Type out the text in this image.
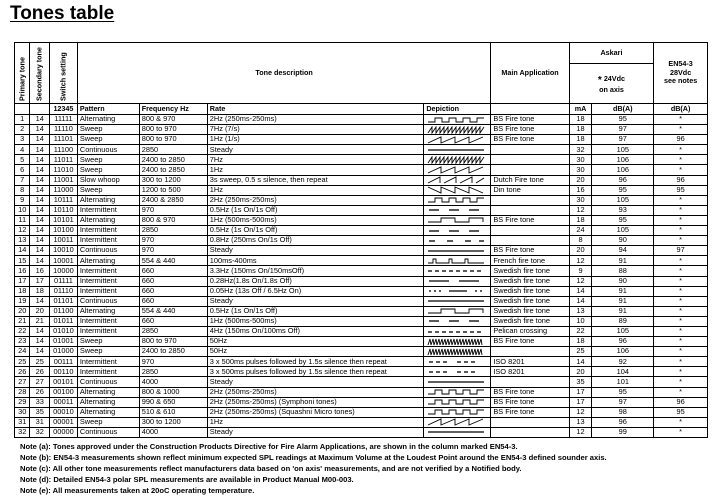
Tones table
Primary tone	Secondary tone	Switch setting	Tone description				Main Application	Askari		EN54-3
28Vdc
see notes

								* 24Vdc
on axis		

		12345	Pattern	Frequency Hz	Rate	Depiction		mA	dB(A)	dB(A)
1	14	11111	Alternating	800 & 970	2Hz (250ms-250ms)		BS Fire tone	18	95	*
2	14	11110	Sweep	800 to 970	7Hz (7/s)		BS Fire tone	18	97	*
3	14	11101	Sweep	800 to 970	1Hz (1/s)		BS Fire tone	18	97	96
4	14	11100	Continuous	2850	Steady			32	105	*
5	14	11011	Sweep	2400 to 2850	7Hz			30	106	*
6	14	11010	Sweep	2400 to 2850	1Hz			30	106	*
7	14	11001	Slow whoop	300 to 1200	3s sweep, 0.5 s silence, then repeat		Dutch Fire tone	20	96	96
8	14	11000	Sweep	1200 to 500	1Hz		Din tone	16	95	95
9	14	10111	Alternating	2400 & 2850	2Hz (250ms-250ms)			30	105	*
10	14	10110	Intermittent	970	0.5Hz (1s On/1s Off)			12	93	*
11	14	10101	Alternating	800 & 970	1Hz (500ms-500ms)		BS Fire tone	18	95	*
12	14	10100	Intermittent	2850	0.5Hz (1s On/1s Off)			24	105	*
13	14	10011	Intermittent	970	0.8Hz (250ms On/1s Off)			8	90	*
14	14	10010	Continuous	970	Steady		BS Fire tone	20	94	97
15	14	10001	Alternating	554 & 440	100ms-400ms		French fire tone	12	91	*
16	16	10000	Intermittent	660	3.3Hz (150ms On/150msOff)		Swedish fire tone	9	88	*
17	17	01111	Intermittent	660	0.28Hz(1.8s On/1.8s Off)		Swedish fire tone	12	90	*
18	18	01110	Intermittent	660	0.05Hz (13s Off / 6.5Hz On)		Swedish fire tone	14	91	*
19	14	01101	Continuous	660	Steady		Swedish fire tone	14	91	*
20	20	01100	Alternating	554 & 440	0.5Hz (1s On/1s Off)		Swedish fire tone	13	91	*
21	21	01011	Intermittent	660	1Hz (500ms-500ms)		Swedish fire tone	10	89	*
22	14	01010	Intermittent	2850	4Hz (150ms On/100ms Off)		Pelican crossing	22	105	*
23	14	01001	Sweep	800 to 970	50Hz		BS Fire tone	18	96	*
24	14	01000	Sweep	2400 to 2850	50Hz			25	106	*
25	25	00111	Intermittent	970	3 x 500ms pulses followed by 1.5s silence then repeat		ISO 8201	14	92	*
26	26	00110	Intermittent	2850	3 x 500ms pulses followed by 1.5s silence then repeat		ISO 8201	20	104	*
27	27	00101	Continuous	4000	Steady			35	101	*
28	26	00100	Alternating	800 & 1000	2Hz (250ms-250ms)		BS Fire tone	17	95	*
29	33	00011	Alternating	990 & 650	2Hz (250ms-250ms) (Symphoni tones)		BS Fire tone	17	97	96
30	35	00010	Alternating	510 & 610	2Hz (250ms-250ms) (Squashni Micro tones)		BS Fire tone	12	98	95
31	31	00001	Sweep	300 to 1200	1Hz			13	96	*
32	32	00000	Continuous	4000	Steady			12	99	*
Note (a): Tones approved under the Construction Products Directive for Fire Alarm Applications, are shown in the column marked EN54-3.
Note (b): EN54-3 measurements shown reflect minimum expected SPL readings at Maximum Volume at the Loudest Point around the EN54-3 defined sounder axis.
Note (c): All other tone measurements reflect manufacturers data based on 'on axis' measurements, and are not verified by a Notified body.
Note (d): Detailed EN54-3 polar SPL measurements are available in Product Manual M00-003.
Note (e): All measurements taken at 20oC operating temperature.
